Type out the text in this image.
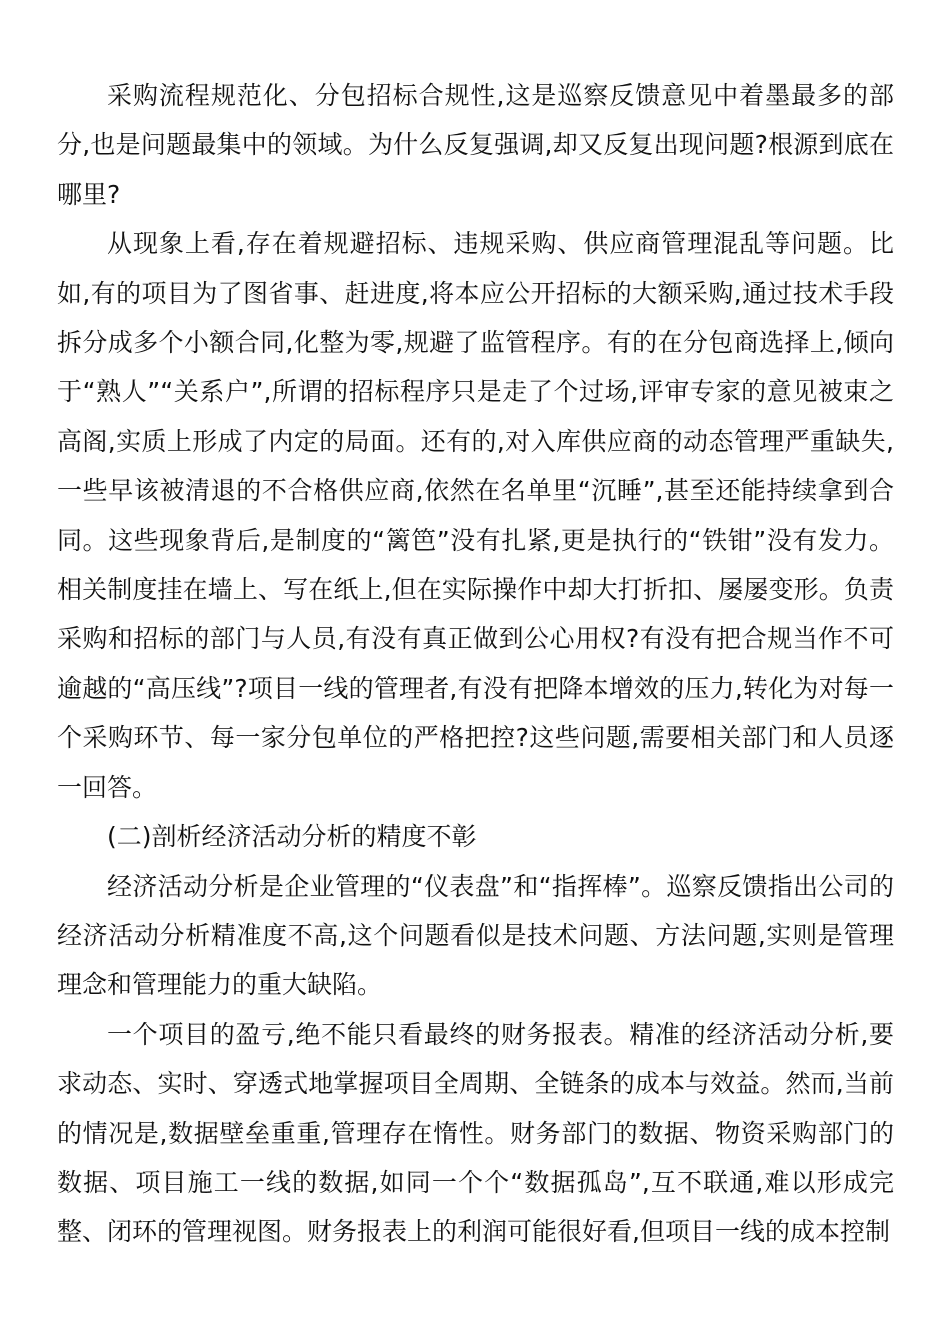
采购流程规范化、分包招标合规性,这是巡察反馈意见中着墨最多的部分,也是问题最集中的领域。为什么反复强调,却又反复出现问题?根源到底在哪里?

从现象上看,存在着规避招标、违规采购、供应商管理混乱等问题。比如,有的项目为了图省事、赶进度,将本应公开招标的大额采购,通过技术手段拆分成多个小额合同,化整为零,规避了监管程序。有的在分包商选择上,倾向于“熟人”“关系户”,所谓的招标程序只是走了个过场,评审专家的意见被束之高阁,实质上形成了内定的局面。还有的,对入库供应商的动态管理严重缺失,一些早该被清退的不合格供应商,依然在名单里“沉睡”,甚至还能持续拿到合同。这些现象背后,是制度的“篱笆”没有扎紧,更是执行的“铁钳”没有发力。相关制度挂在墙上、写在纸上,但在实际操作中却大打折扣、屡屡变形。负责采购和招标的部门与人员,有没有真正做到公心用权?有没有把合规当作不可逾越的“高压线”?项目一线的管理者,有没有把降本增效的压力,转化为对每一个采购环节、每一家分包单位的严格把控?这些问题,需要相关部门和人员逐一回答。

(二)剖析经济活动分析的精度不彰

经济活动分析是企业管理的“仪表盘”和“指挥棒”。巡察反馈指出公司的经济活动分析精准度不高,这个问题看似是技术问题、方法问题,实则是管理理念和管理能力的重大缺陷。

一个项目的盈亏,绝不能只看最终的财务报表。精准的经济活动分析,要求动态、实时、穿透式地掌握项目全周期、全链条的成本与效益。然而,当前的情况是,数据壁垒重重,管理存在惰性。财务部门的数据、物资采购部门的数据、项目施工一线的数据,如同一个个“数据孤岛”,互不联通,难以形成完整、闭环的管理视图。财务报表上的利润可能很好看,但项目一线的成本控制
